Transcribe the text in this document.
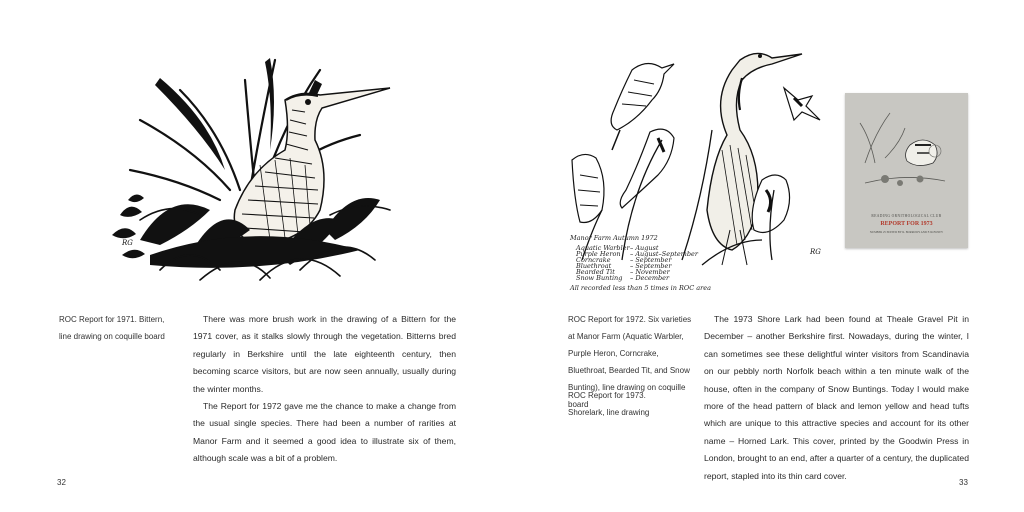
RG
ROC Report for 1971. Bittern, line drawing on coquille board

There was more brush work in the drawing of a Bittern for the 1971 cover, as it stalks slowly through the vegetation. Bitterns bred regularly in Berkshire until the late eighteenth century, then becoming scarce visitors, but are now seen annually, usually during the winter months.

The Report for 1972 gave me the chance to make a change from the usual single species. There had been a number of rarities at Manor Farm and it seemed a good idea to illustrate six of them, although scale was a bit of a problem.

32
RG
Manor Farm Autumn 1972
Aquatic Warbler – August
Purple Heron – August–September
Corncrake	– September
Bluethroat	– September
Bearded Tit – November
Snow Bunting – December
All recorded less than 5 times in ROC area
READING ORNITHOLOGICAL CLUB
REPORT FOR 1973
NUMBER 25 EDITED BY R. BORROWS AND F. ROWNEY
ROC Report for 1972. Six varieties at Manor Farm (Aquatic Warbler, Purple Heron, Corncrake, Bluethroat, Bearded Tit, and Snow Bunting), line drawing on coquille board
ROC Report for 1973. Shorelark, line drawing

The 1973 Shore Lark had been found at Theale Gravel Pit in December – another Berkshire first. Nowadays, during the winter, I can sometimes see these delightful winter visitors from Scandinavia on our pebbly north Norfolk beach within a ten minute walk of the house, often in the company of Snow Buntings. Today I would make more of the head pattern of black and lemon yellow and head tufts which are unique to this attractive species and account for its other name – Horned Lark. This cover, printed by the Goodwin Press in London, brought to an end, after a quarter of a century, the duplicated report, stapled into its thin card cover.

33
